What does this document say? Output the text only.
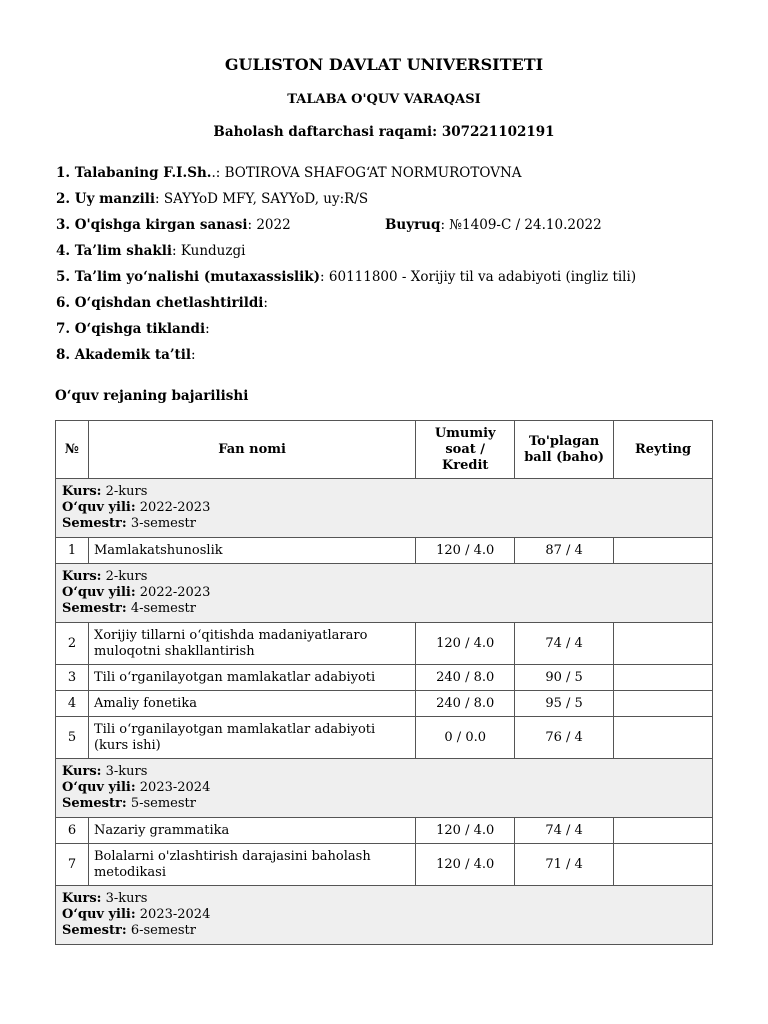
GULISTON DAVLAT UNIVERSITETI
TALABA O'QUV VARAQASI
Baholash daftarchasi raqami: 307221102191
1. Talabaning F.I.Sh..: BOTIROVA SHAFOG‘AT NORMUROTOVNA
2. Uy manzili: SAYYoD MFY, SAYYoD, uy:R/S
3. O'qishga kirgan sanasi: 2022	Buyruq: №1409-C / 24.10.2022
4. Ta’lim shakli: Kunduzgi
5. Ta’lim yo‘nalishi (mutaxassislik): 60111800 - Xorijiy til va adabiyoti (ingliz tili)
6. O‘qishdan chetlashtirildi:
7. O‘qishga tiklandi:
8. Akademik ta’til:
O‘quv rejaning bajarilishi
№	Fan nomi	Umumiy
soat /
Kredit	To'plagan
ball (baho)	Reyting
Kurs: 2-kurs
O‘quv yili: 2022-2023
Semestr: 3-semestr				
1	Mamlakatshunoslik	120 / 4.0	87 / 4	
Kurs: 2-kurs
O‘quv yili: 2022-2023
Semestr: 4-semestr				
2	Xorijiy tillarni o‘qitishda madaniyatlararo muloqotni shakllantirish	120 / 4.0	74 / 4	
3	Tili o‘rganilayotgan mamlakatlar adabiyoti	240 / 8.0	90 / 5	
4	Amaliy fonetika	240 / 8.0	95 / 5	
5	Tili o‘rganilayotgan mamlakatlar adabiyoti (kurs ishi)	0 / 0.0	76 / 4	
Kurs: 3-kurs
O‘quv yili: 2023-2024
Semestr: 5-semestr				
6	Nazariy grammatika	120 / 4.0	74 / 4	
7	Bolalarni o'zlashtirish darajasini baholash metodikasi	120 / 4.0	71 / 4	
Kurs: 3-kurs
O‘quv yili: 2023-2024
Semestr: 6-semestr				
